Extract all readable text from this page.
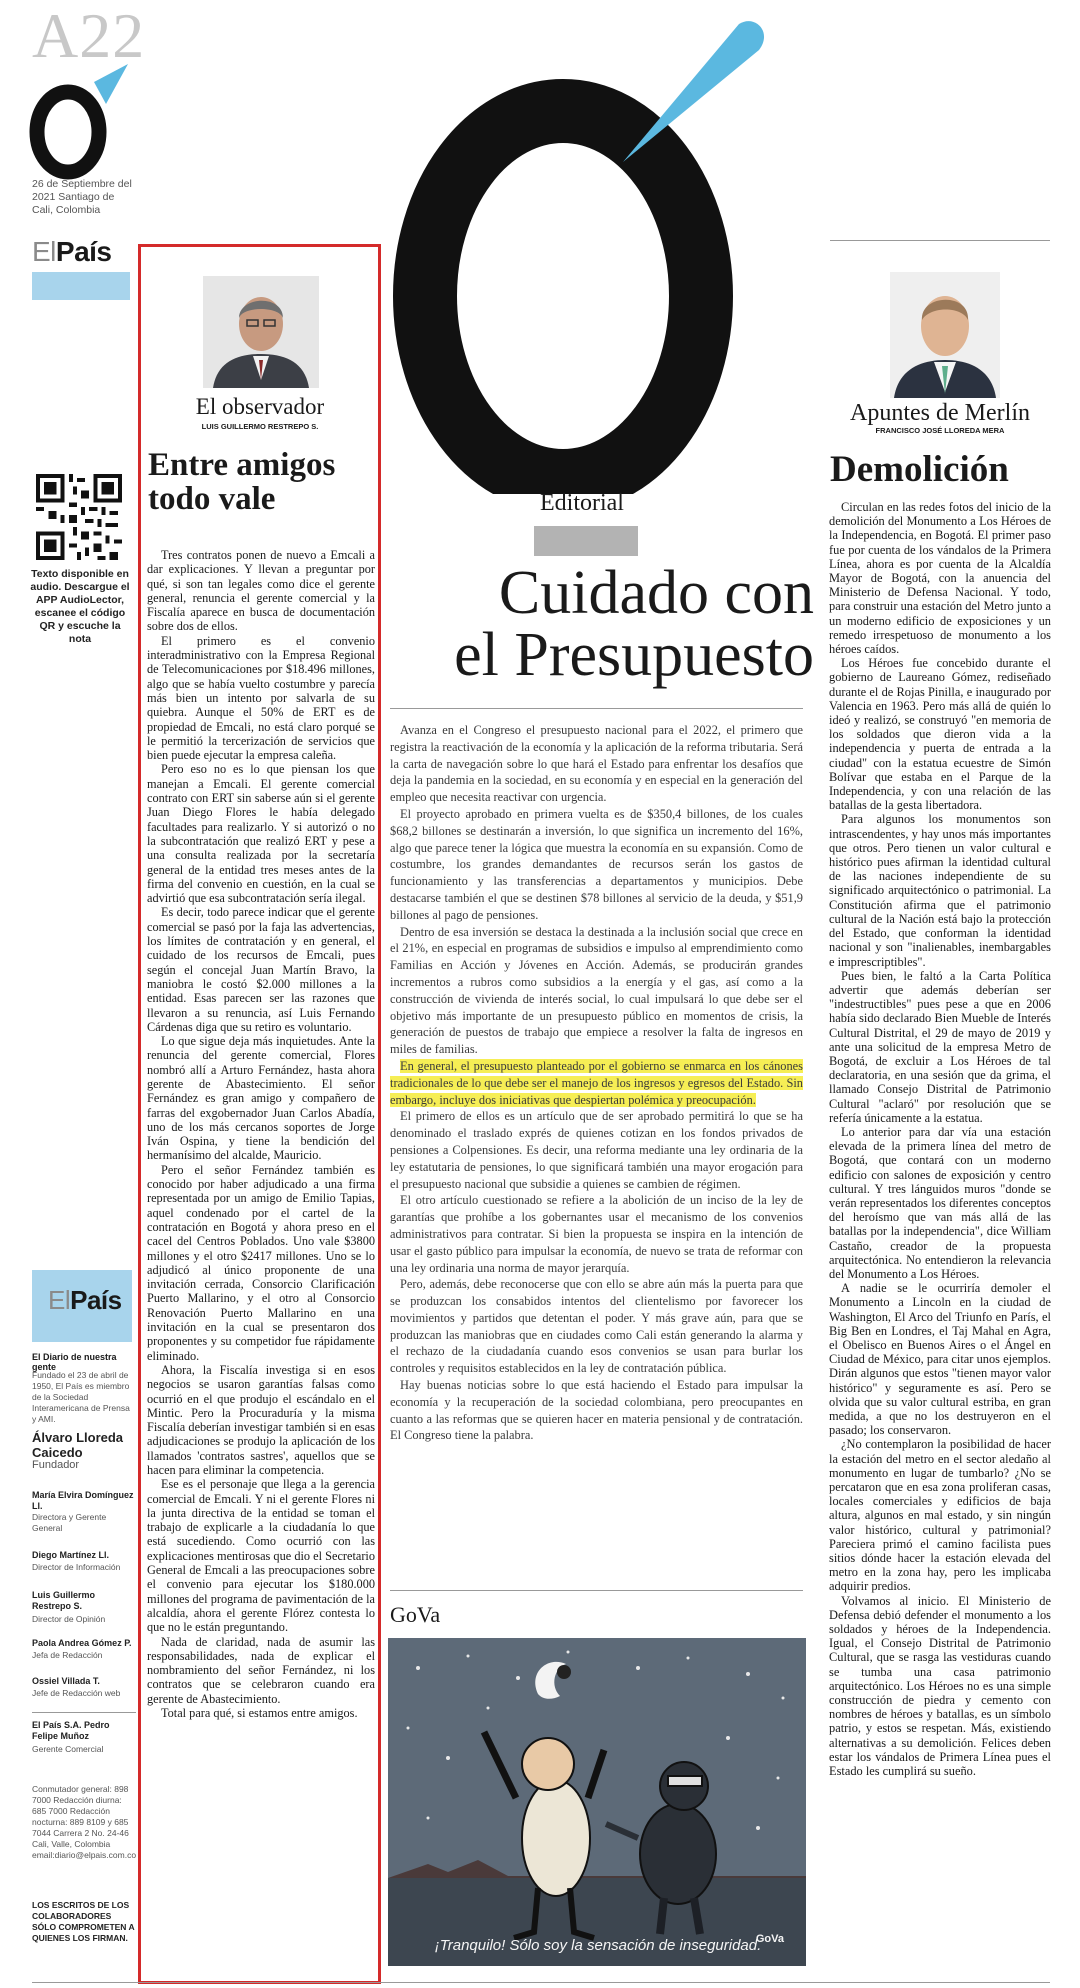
A22
26 de Septiembre del 2021 Santiago de Cali, Colombia
ElPaís
Texto disponible en audio. Descargue el APP AudioLector, escanee el código QR y escuche la nota
ElPaís
El Diario de nuestra gente
Fundado el 23 de abril de 1950, El País es miembro de la Sociedad Interamericana de Prensa y AMI.
Álvaro Lloreda Caicedo
Fundador
María Elvira Domínguez Ll.
Directora y Gerente General
Diego Martínez Ll.
Director de Información
Luis Guillermo Restrepo S.
Director de Opinión
Paola Andrea Gómez P.
Jefa de Redacción
Ossiel Villada T.
Jefe de Redacción web
El País S.A. Pedro Felipe Muñoz
Gerente Comercial
Conmutador general: 898 7000 Redacción diurna: 685 7000 Redacción nocturna: 889 8109 y 685 7044 Carrera 2 No. 24-46 Cali, Valle, Colombia email:diario@elpais.com.co
LOS ESCRITOS DE LOS COLABORADORES SÓLO COMPROMETEN A QUIENES LOS FIRMAN.
El observador
LUIS GUILLERMO RESTREPO S.
Entre amigos todo vale

Tres contratos ponen de nuevo a Emcali a dar explicaciones. Y llevan a preguntar por qué, si son tan legales como dice el gerente general, renuncia el gerente comercial y la Fiscalía aparece en busca de documentación sobre dos de ellos.

El primero es el convenio interadministrativo con la Empresa Regional de Telecomunicaciones por $18.496 millones, algo que se había vuelto costumbre y parecía más bien un intento por salvarla de su quiebra. Aunque el 50% de ERT es de propiedad de Emcali, no está claro porqué se le permitió la tercerización de servicios que bien puede ejecutar la empresa caleña.

Pero eso no es lo que piensan los que manejan a Emcali. El gerente comercial contrato con ERT sin saberse aún si el gerente Juan Diego Flores le había delegado facultades para realizarlo. Y si autorizó o no la subcontratación que realizó ERT y pese a una consulta realizada por la secretaría general de la entidad tres meses antes de la firma del convenio en cuestión, en la cual se advirtió que esa subcontratación sería ilegal.

Es decir, todo parece indicar que el gerente comercial se pasó por la faja las advertencias, los límites de contratación y en general, el cuidado de los recursos de Emcali, pues según el concejal Juan Martín Bravo, la maniobra le costó $2.000 millones a la entidad. Esas parecen ser las razones que llevaron a su renuncia, así Luis Fernando Cárdenas diga que su retiro es voluntario.

Lo que sigue deja más inquietudes. Ante la renuncia del gerente comercial, Flores nombró allí a Arturo Fernández, hasta ahora gerente de Abastecimiento. El señor Fernández es gran amigo y compañero de farras del exgobernador Juan Carlos Abadía, uno de los más cercanos soportes de Jorge Iván Ospina, y tiene la bendición del hermanísimo del alcalde, Mauricio.

Pero el señor Fernández también es conocido por haber adjudicado a una firma representada por un amigo de Emilio Tapias, aquel condenado por el cartel de la contratación en Bogotá y ahora preso en el cacel del Centros Poblados. Uno vale $3800 millones y el otro $2417 millones. Uno se lo adjudicó al único proponente de una invitación cerrada, Consorcio Clarificación Puerto Mallarino, y el otro al Consorcio Renovación Puerto Mallarino en una invitación en la cual se presentaron dos proponentes y su competidor fue rápidamente eliminado.

Ahora, la Fiscalía investiga si en esos negocios se usaron garantías falsas como ocurrió en el que produjo el escándalo en el Mintic. Pero la Procuraduría y la misma Fiscalía deberían investigar también si en esas adjudicaciones se produjo la aplicación de los llamados 'contratos sastres', aquellos que se hacen para eliminar la competencia.

Ese es el personaje que llega a la gerencia comercial de Emcali. Y ni el gerente Flores ni la junta directiva de la entidad se toman el trabajo de explicarle a la ciudadanía lo que está sucediendo. Como ocurrió con las explicaciones mentirosas que dio el Secretario General de Emcali a las preocupaciones sobre el convenio para ejecutar los $180.000 millones del programa de pavimentación de la alcaldía, ahora el gerente Flórez contesta lo que no le están preguntando.

Nada de claridad, nada de asumir las responsabilidades, nada de explicar el nombramiento del señor Fernández, ni los contratos que se celebraron cuando era gerente de Abastecimiento.

Total para qué, si estamos entre amigos.

Editorial
Cuidado con
el Presupuesto

Avanza en el Congreso el presupuesto nacional para el 2022, el primero que registra la reactivación de la economía y la aplicación de la reforma tributaria. Será la carta de navegación sobre lo que hará el Estado para enfrentar los desafíos que deja la pandemia en la sociedad, en su economía y en especial en la generación del empleo que necesita reactivar con urgencia.

El proyecto aprobado en primera vuelta es de $350,4 billones, de los cuales $68,2 billones se destinarán a inversión, lo que significa un incremento del 16%, algo que parece tener la lógica que muestra la economía en su expansión. Como de costumbre, los grandes demandantes de recursos serán los gastos de funcionamiento y las transferencias a departamentos y municipios. Debe destacarse también el que se destinen $78 billones al servicio de la deuda, y $51,9 billones al pago de pensiones.

Dentro de esa inversión se destaca la destinada a la inclusión social que crece en el 21%, en especial en programas de subsidios e impulso al emprendimiento como Familias en Acción y Jóvenes en Acción. Además, se producirán grandes incrementos a rubros como subsidios a la energía y el gas, así como a la construcción de vivienda de interés social, lo cual impulsará lo que debe ser el objetivo más importante de un presupuesto público en momentos de crisis, la generación de puestos de trabajo que empiece a resolver la falta de ingresos en miles de familias.

En general, el presupuesto planteado por el gobierno se enmarca en los cánones tradicionales de lo que debe ser el manejo de los ingresos y egresos del Estado. Sin embargo, incluye dos iniciativas que despiertan polémica y preocupación.

El primero de ellos es un artículo que de ser aprobado permitirá lo que se ha denominado el traslado exprés de quienes cotizan en los fondos privados de pensiones a Colpensiones. Es decir, una reforma mediante una ley ordinaria de la ley estatutaria de pensiones, lo que significará también una mayor erogación para el presupuesto nacional que subsidie a quienes se cambien de régimen.

El otro artículo cuestionado se refiere a la abolición de un inciso de la ley de garantías que prohíbe a los gobernantes usar el mecanismo de los convenios administrativos para contratar. Si bien la propuesta se inspira en la intención de usar el gasto público para impulsar la economía, de nuevo se trata de reformar con una ley ordinaria una norma de mayor jerarquía.

Pero, además, debe reconocerse que con ello se abre aún más la puerta para que se produzcan los consabidos intentos del clientelismo por favorecer los movimientos y partidos que detentan el poder. Y más grave aún, para que se produzcan las maniobras que en ciudades como Cali están generando la alarma y el rechazo de la ciudadanía cuando esos convenios se usan para burlar los controles y requisitos establecidos en la ley de contratación pública.

Hay buenas noticias sobre lo que está haciendo el Estado para impulsar la economía y la recuperación de la sociedad colombiana, pero preocupantes en cuanto a las reformas que se quieren hacer en materia pensional y de contratación. El Congreso tiene la palabra.

GoVa
¡Tranquilo! Sólo soy la sensación de inseguridad.
GoVa
Apuntes de Merlín
FRANCISCO JOSÉ LLOREDA MERA
Demolición

Circulan en las redes fotos del inicio de la demolición del Monumento a Los Héroes de la Independencia, en Bogotá. El primer paso fue por cuenta de los vándalos de la Primera Línea, ahora es por cuenta de la Alcaldía Mayor de Bogotá, con la anuencia del Ministerio de Defensa Nacional. Y todo, para construir una estación del Metro junto a un moderno edificio de exposiciones y un remedo irrespetuoso de monumento a los héroes caídos.

Los Héroes fue concebido durante el gobierno de Laureano Gómez, rediseñado durante el de Rojas Pinilla, e inaugurado por Valencia en 1963. Pero más allá de quién lo ideó y realizó, se construyó "en memoria de los soldados que dieron vida a la independencia y puerta de entrada a la ciudad" con la estatua ecuestre de Simón Bolívar que estaba en el Parque de la Independencia, y con una relación de las batallas de la gesta libertadora.

Para algunos los monumentos son intrascendentes, y hay unos más importantes que otros. Pero tienen un valor cultural e histórico pues afirman la identidad cultural de las naciones independiente de su significado arquitectónico o patrimonial. La Constitución afirma que el patrimonio cultural de la Nación está bajo la protección del Estado, que conforman la identidad nacional y son "inalienables, inembargables e imprescriptibles".

Pues bien, le faltó a la Carta Política advertir que además deberían ser "indestructibles" pues pese a que en 2006 había sido declarado Bien Mueble de Interés Cultural Distrital, el 29 de mayo de 2019 y ante una solicitud de la empresa Metro de Bogotá, de excluir a Los Héroes de tal declaratoria, en una sesión que da grima, el llamado Consejo Distrital de Patrimonio Cultural "aclaró" por resolución que se refería únicamente a la estatua.

Lo anterior para dar vía una estación elevada de la primera línea del metro de Bogotá, que contará con un moderno edificio con salones de exposición y centro cultural. Y tres lánguidos muros "donde se verán representados los diferentes conceptos del heroísmo que van más allá de las batallas por la independencia", dice William Castaño, creador de la propuesta arquitectónica. No entendieron la relevancia del Monumento a Los Héroes.

A nadie se le ocurriría demoler el Monumento a Lincoln en la ciudad de Washington, El Arco del Triunfo en París, el Big Ben en Londres, el Taj Mahal en Agra, el Obelisco en Buenos Aires o el Ángel en Ciudad de México, para citar unos ejemplos. Dirán algunos que estos "tienen mayor valor histórico" y seguramente es así. Pero se olvida que su valor cultural estriba, en gran medida, a que no los destruyeron en el pasado; los conservaron.

¿No contemplaron la posibilidad de hacer la estación del metro en el sector aledaño al monumento en lugar de tumbarlo? ¿No se percataron que en esa zona proliferan casas, locales comerciales y edificios de baja altura, algunos en mal estado, y sin ningún valor histórico, cultural y patrimonial? Pareciera primó el camino facilista pues sitios dónde hacer la estación elevada del metro en la zona hay, pero les implicaba adquirir predios.

Volvamos al inicio. El Ministerio de Defensa debió defender el monumento a los soldados y héroes de la Independencia. Igual, el Consejo Distrital de Patrimonio Cultural, que se rasga las vestiduras cuando se tumba una casa patrimonio arquitectónico. Los Héroes no es una simple construcción de piedra y cemento con nombres de héroes y batallas, es un símbolo patrio, y estos se respetan. Más, existiendo alternativas a su demolición. Felices deben estar los vándalos de Primera Línea pues el Estado les cumplirá su sueño.
